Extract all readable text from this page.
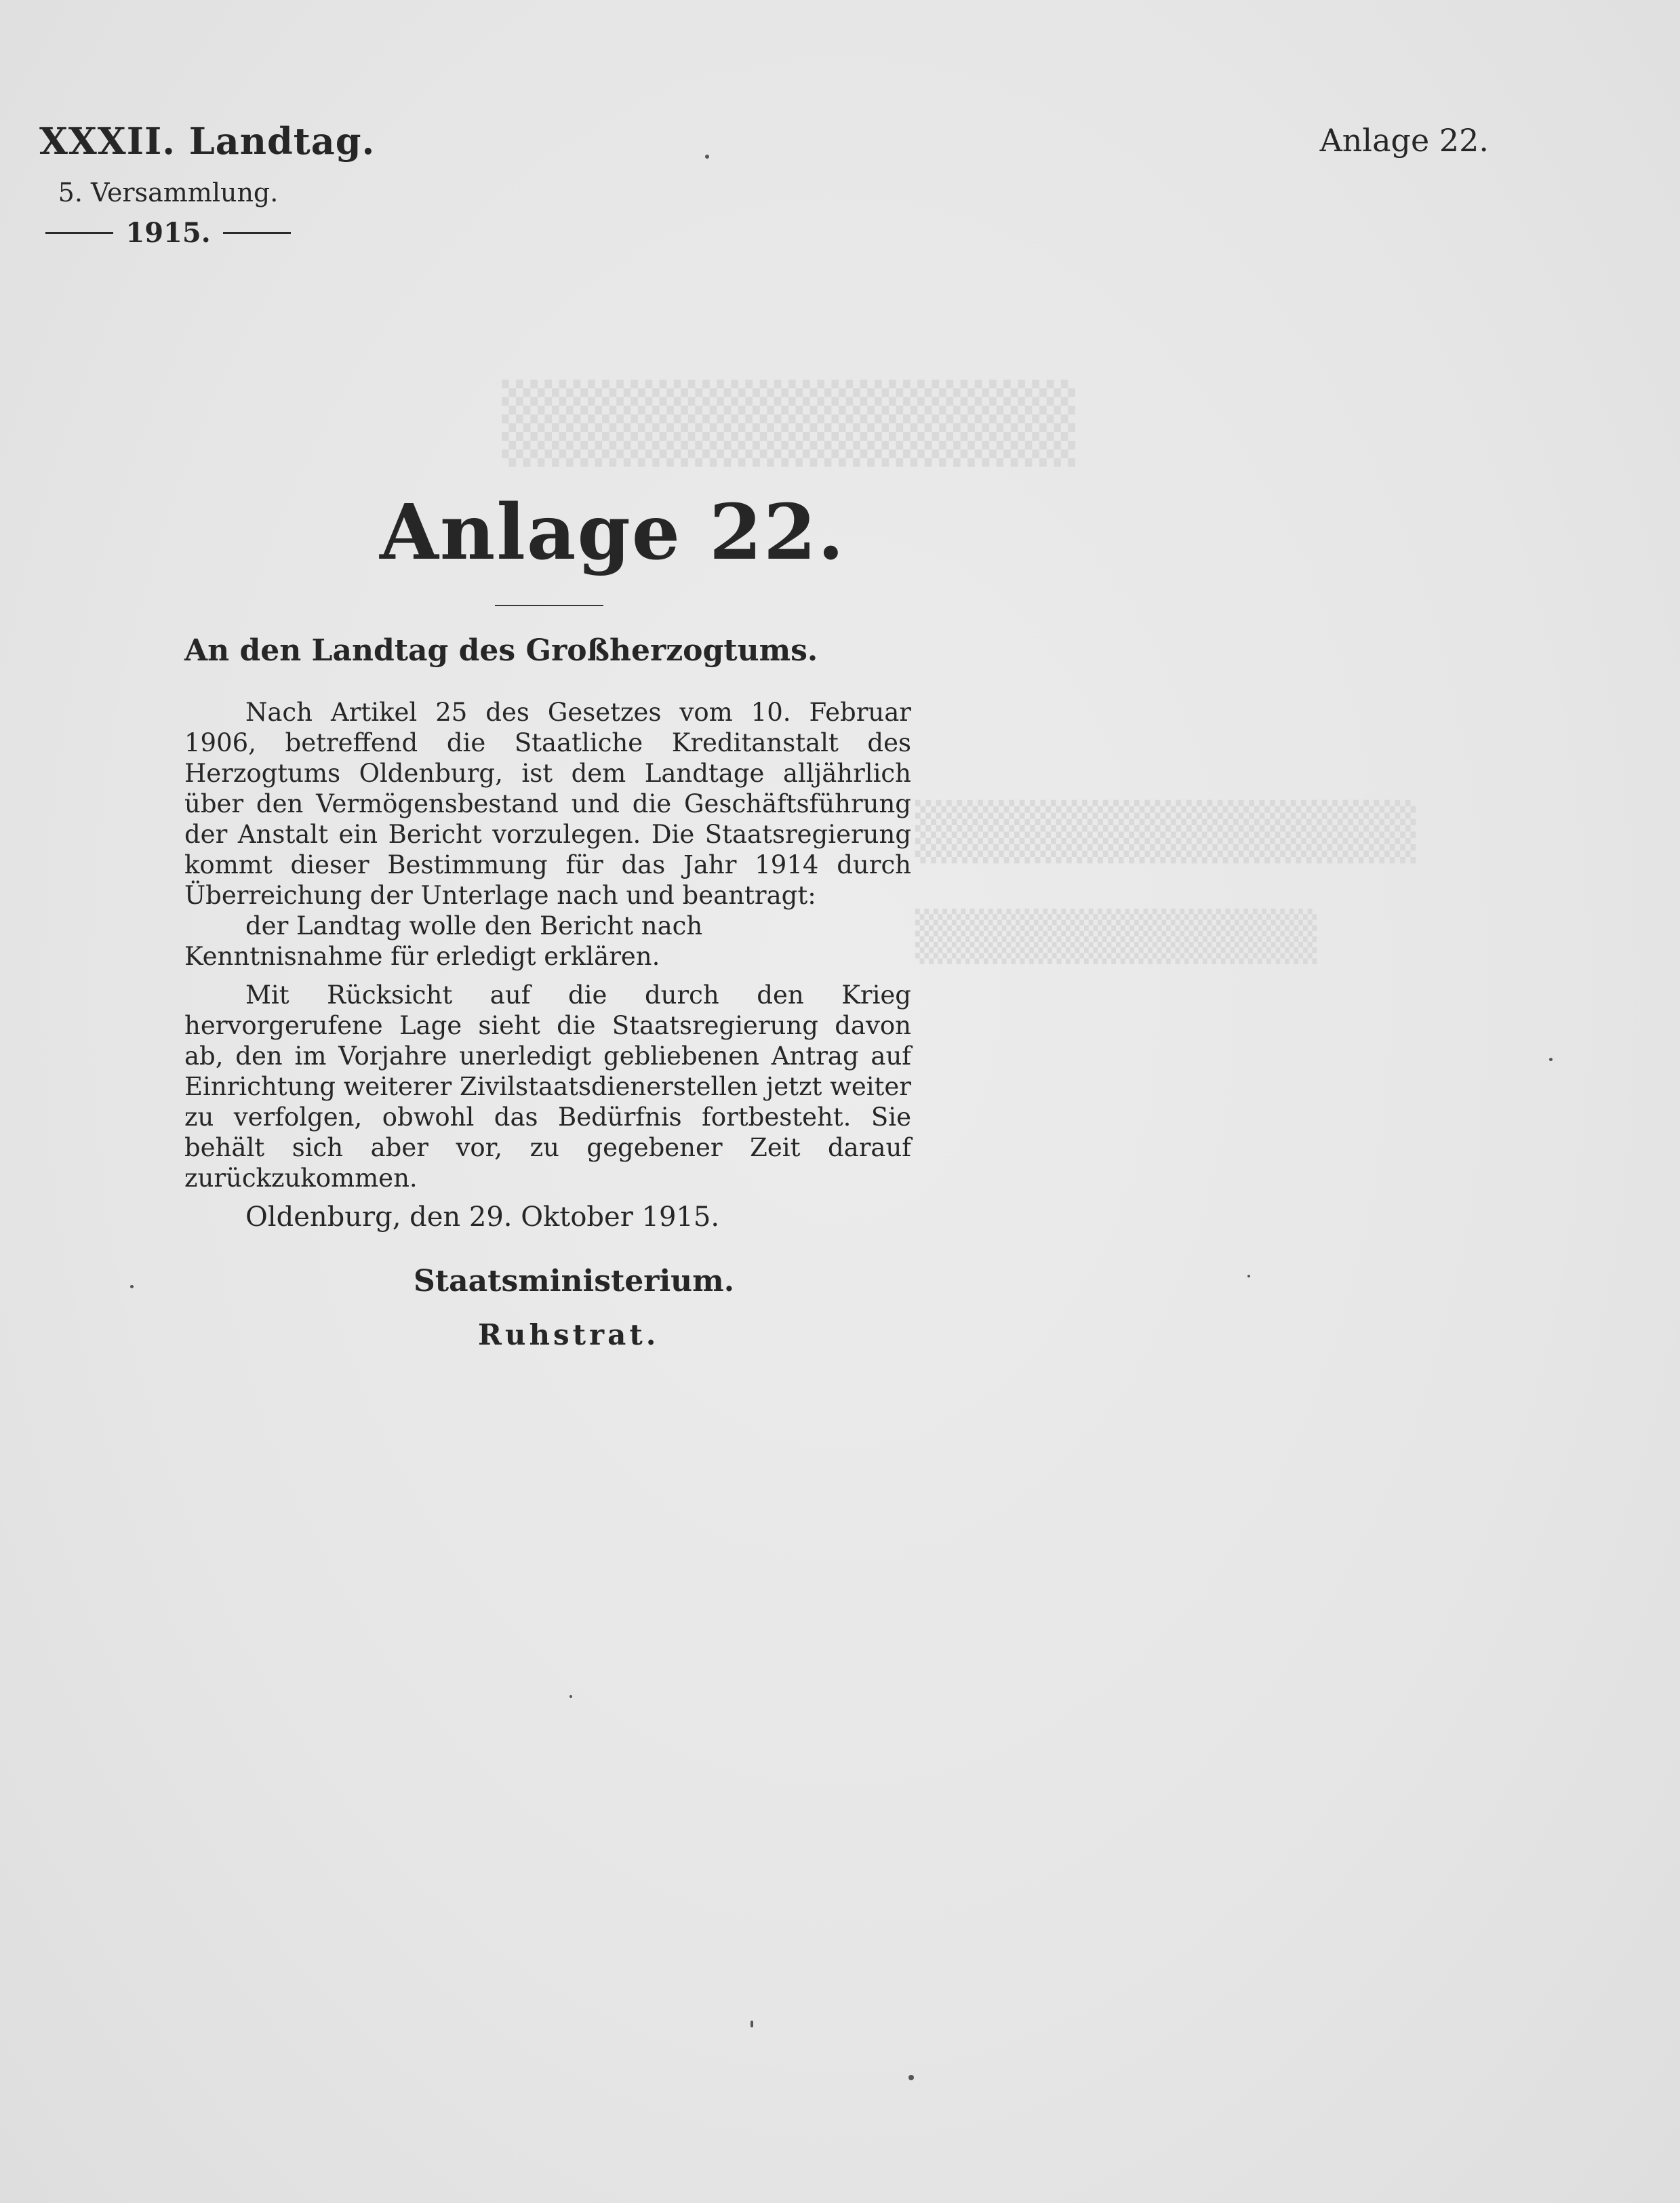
▒▒▒▒▒▒▒▒▒▒
▒▒▒▒▒▒▒▒▒▒▒▒
▒▒▒▒▒▒▒▒▒▒▒
XXXII. Landtag.
5. Versammlung.
1915.
Anlage 22.
Anlage 22.
An den Landtag des Großherzogtums.

Nach Artikel 25 des Gesetzes vom 10. Februar 1906, betreffend die Staatliche Kreditanstalt des Herzogtums Oldenburg, ist dem Landtage alljährlich über den Vermögensbestand und die Geschäftsführung der Anstalt ein Bericht vorzulegen. Die Staatsregierung kommt dieser Bestimmung für das Jahr 1914 durch Überreichung der Unterlage nach und beantragt:

der Landtag wolle den Bericht nach Kenntnisnahme für erledigt erklären.

Mit Rücksicht auf die durch den Krieg hervorgerufene Lage sieht die Staatsregierung davon ab, den im Vorjahre unerledigt gebliebenen Antrag auf Einrichtung weiterer Zivilstaatsdienerstellen jetzt weiter zu verfolgen, obwohl das Bedürfnis fortbesteht. Sie behält sich aber vor, zu gegebener Zeit darauf zurückzukommen.

Oldenburg, den 29. Oktober 1915.
Staatsministerium.
Ruhstrat.
